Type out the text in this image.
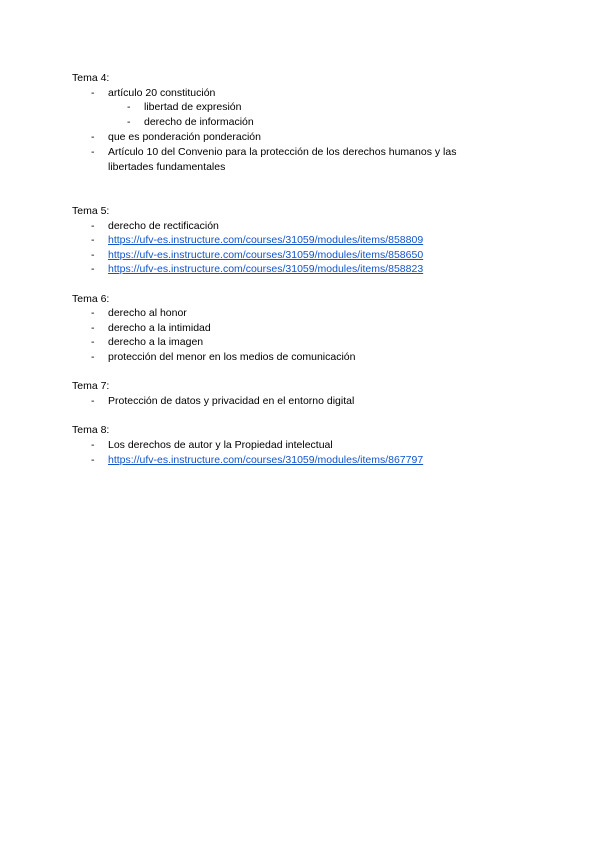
Tema 4:
- artículo 20 constitución
- libertad de expresión
- derecho de información
- que es ponderación ponderación
- Artículo 10 del Convenio para la protección de los derechos humanos y las
libertades fundamentales
Tema 5:
- derecho de rectificación
- https://ufv-es.instructure.com/courses/31059/modules/items/858809
- https://ufv-es.instructure.com/courses/31059/modules/items/858650
- https://ufv-es.instructure.com/courses/31059/modules/items/858823
Tema 6:
- derecho al honor
- derecho a la intimidad
- derecho a la imagen
- protección del menor en los medios de comunicación
Tema 7:
- Protección de datos y privacidad en el entorno digital
Tema 8:
- Los derechos de autor y la Propiedad intelectual
- https://ufv-es.instructure.com/courses/31059/modules/items/867797
